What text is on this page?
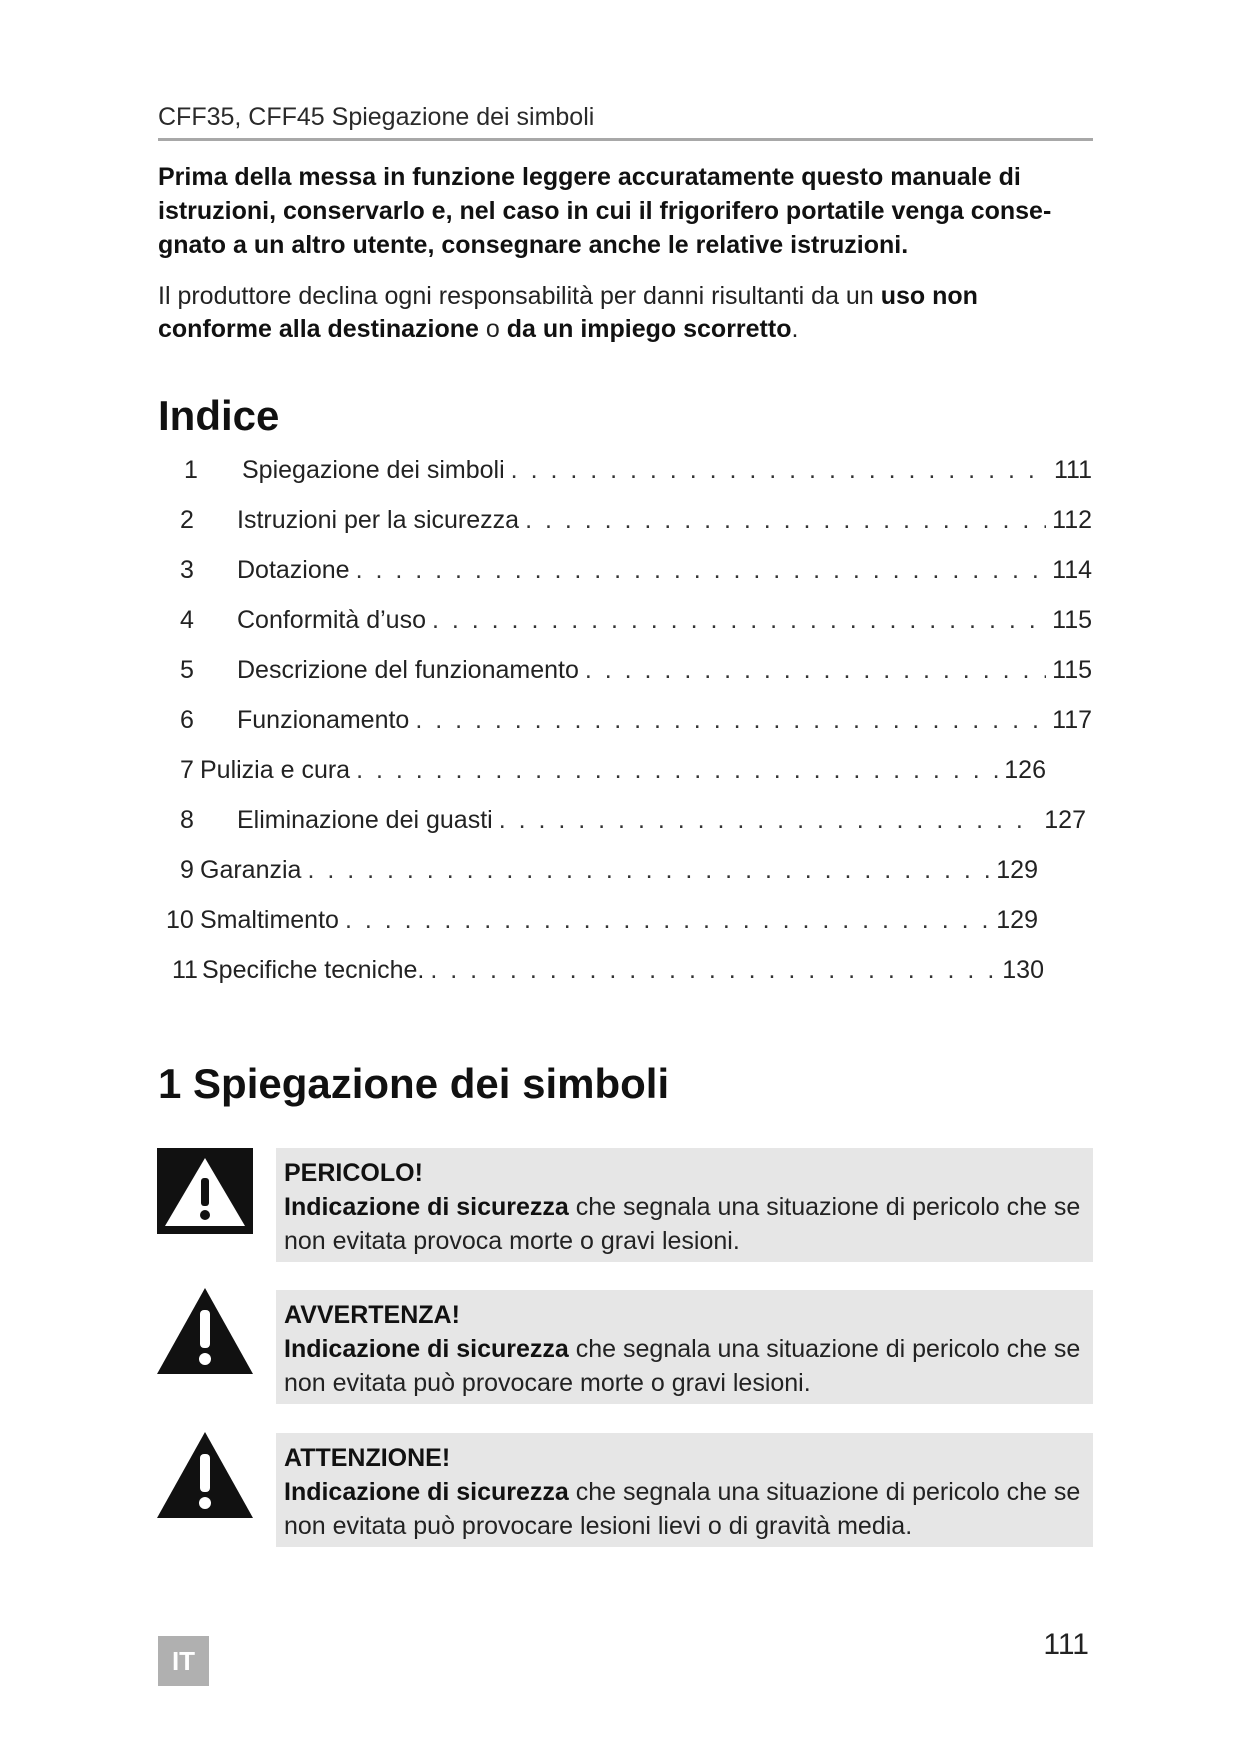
CFF35, CFF45 Spiegazione dei simboli
Prima della messa in funzione leggere accuratamente questo manuale di istruzioni, conservarlo e, nel caso in cui il frigorifero portatile venga conse-gnato a un altro utente, consegnare anche le relative istruzioni.
Il produttore declina ogni responsabilità per danni risultanti da un uso non conforme alla destinazione o da un impiego scorretto.
Indice
1	Spiegazione dei simboli . . .	111
2	Istruzioni per la sicurezza . . .	112
3	Dotazione . . .	114
4	Conformità d’uso . . .	115
5	Descrizione del funzionamento . . .	115
6	Funzionamento . . .	117
7 Pulizia e cura . . .	126
8	Eliminazione dei guasti . . .	127
9 Garanzia . . .	129
10 Smaltimento . . .	129
11 Specifiche tecniche. . . .	130
1 Spiegazione dei simboli
PERICOLO!
Indicazione di sicurezza che segnala una situazione di pericolo che se non evitata provoca morte o gravi lesioni.
AVVERTENZA!
Indicazione di sicurezza che segnala una situazione di pericolo che se non evitata può provocare morte o gravi lesioni.
ATTENZIONE!
Indicazione di sicurezza che segnala una situazione di pericolo che se non evitata può provocare lesioni lievi o di gravità media.
IT	111
